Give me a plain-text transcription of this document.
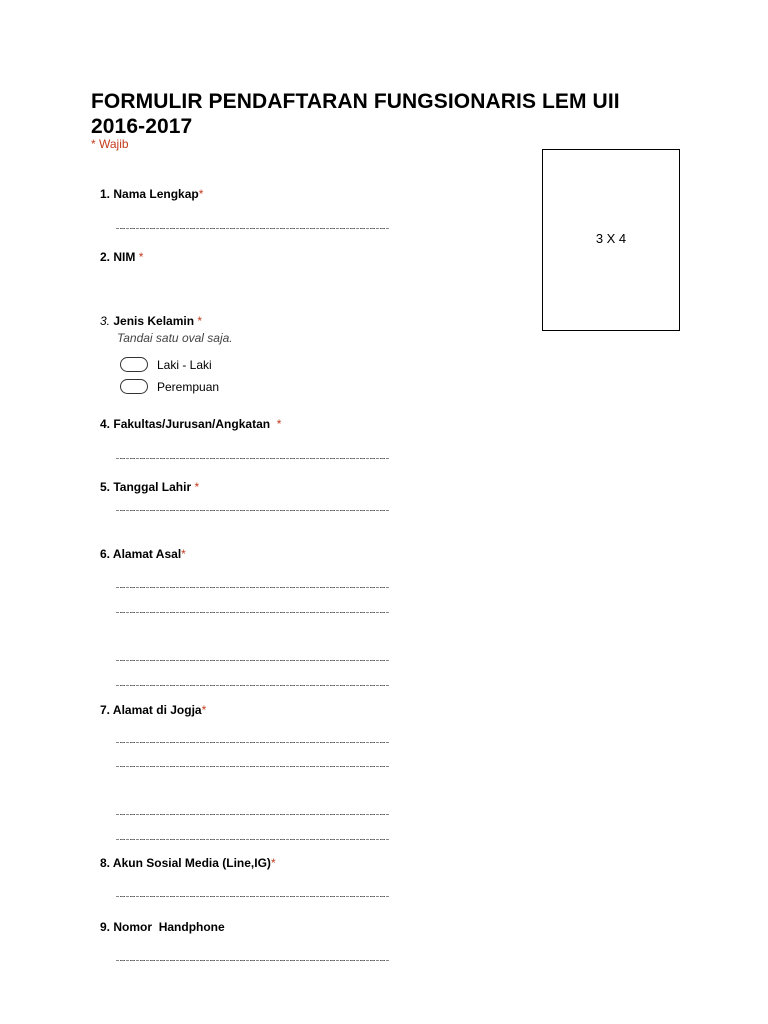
FORMULIR PENDAFTARAN FUNGSIONARIS LEM UII 2016-2017
* Wajib
3 X 4
1. Nama Lengkap*
2. NIM *
3. Jenis Kelamin *
Tandai satu oval saja.
Laki - Laki
Perempuan
4. Fakultas/Jurusan/Angkatan *
5. Tanggal Lahir *
6. Alamat Asal*
7. Alamat di Jogja*
8. Akun Sosial Media (Line,IG)*
9. Nomor  Handphone
